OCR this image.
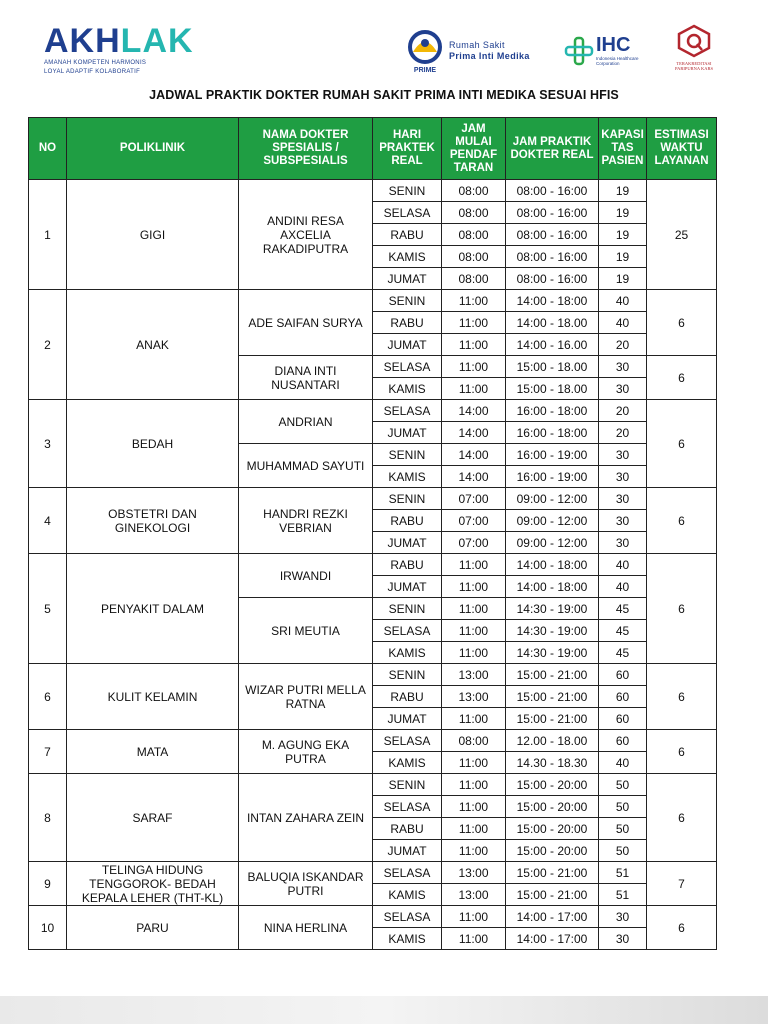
AKHLAK
AMANAH KOMPETEN HARMONIS
LOYAL ADAPTIF KOLABORATIF	PRIME
Rumah Sakit
Prima Inti Medika	IHC
Indonesia Healthcare Corporation	TERAKREDITASI PARIPURNA KARS
JADWAL PRAKTIK DOKTER RUMAH SAKIT PRIMA INTI MEDIKA SESUAI HFIS
NO	POLIKLINIK	NAMA DOKTER SPESIALIS / SUBSPESIALIS	HARI PRAKTEK REAL	JAM MULAI PENDAF TARAN	JAM PRAKTIK DOKTER REAL	KAPASI TAS PASIEN	ESTIMASI WAKTU LAYANAN
1	GIGI	ANDINI RESA AXCELIA RAKADIPUTRA	SENIN	08:00	08:00 - 16:00	19	25
			SELASA	08:00	08:00 - 16:00	19	
			RABU	08:00	08:00 - 16:00	19	
			KAMIS	08:00	08:00 - 16:00	19	
			JUMAT	08:00	08:00 - 16:00	19	
2	ANAK	ADE SAIFAN SURYA	SENIN	11:00	14:00 - 18:00	40	6
			RABU	11:00	14:00 - 18.00	40	
			JUMAT	11:00	14:00 - 16.00	20	
		DIANA INTI NUSANTARI	SELASA	11:00	15:00 - 18.00	30	6
			KAMIS	11:00	15:00 - 18.00	30	
3	BEDAH	ANDRIAN	SELASA	14:00	16:00 - 18:00	20	6
			JUMAT	14:00	16:00 - 18:00	20	
		MUHAMMAD SAYUTI	SENIN	14:00	16:00 - 19:00	30	
			KAMIS	14:00	16:00 - 19:00	30	
4	OBSTETRI DAN GINEKOLOGI	HANDRI REZKI VEBRIAN	SENIN	07:00	09:00 - 12:00	30	6
			RABU	07:00	09:00 - 12:00	30	
			JUMAT	07:00	09:00 - 12:00	30	
5	PENYAKIT DALAM	IRWANDI	RABU	11:00	14:00 - 18:00	40	6
			JUMAT	11:00	14:00 - 18:00	40	
		SRI MEUTIA	SENIN	11:00	14:30 - 19:00	45	
			SELASA	11:00	14:30 - 19:00	45	
			KAMIS	11:00	14:30 - 19:00	45	
6	KULIT KELAMIN	WIZAR PUTRI MELLA RATNA	SENIN	13:00	15:00 - 21:00	60	6
			RABU	13:00	15:00 - 21:00	60	
			JUMAT	11:00	15:00 - 21:00	60	
7	MATA	M. AGUNG EKA PUTRA	SELASA	08:00	12.00 - 18.00	60	6
			KAMIS	11:00	14.30 - 18.30	40	
8	SARAF	INTAN ZAHARA ZEIN	SENIN	11:00	15:00 - 20:00	50	6
			SELASA	11:00	15:00 - 20:00	50	
			RABU	11:00	15:00 - 20:00	50	
			JUMAT	11:00	15:00 - 20:00	50	
9	TELINGA HIDUNG TENGGOROK- BEDAH KEPALA LEHER (THT-KL)	BALUQIA ISKANDAR PUTRI	SELASA	13:00	15:00 - 21:00	51	7
			KAMIS	13:00	15:00 - 21:00	51	
10	PARU	NINA HERLINA	SELASA	11:00	14:00 - 17:00	30	6
			KAMIS	11:00	14:00 - 17:00	30	
